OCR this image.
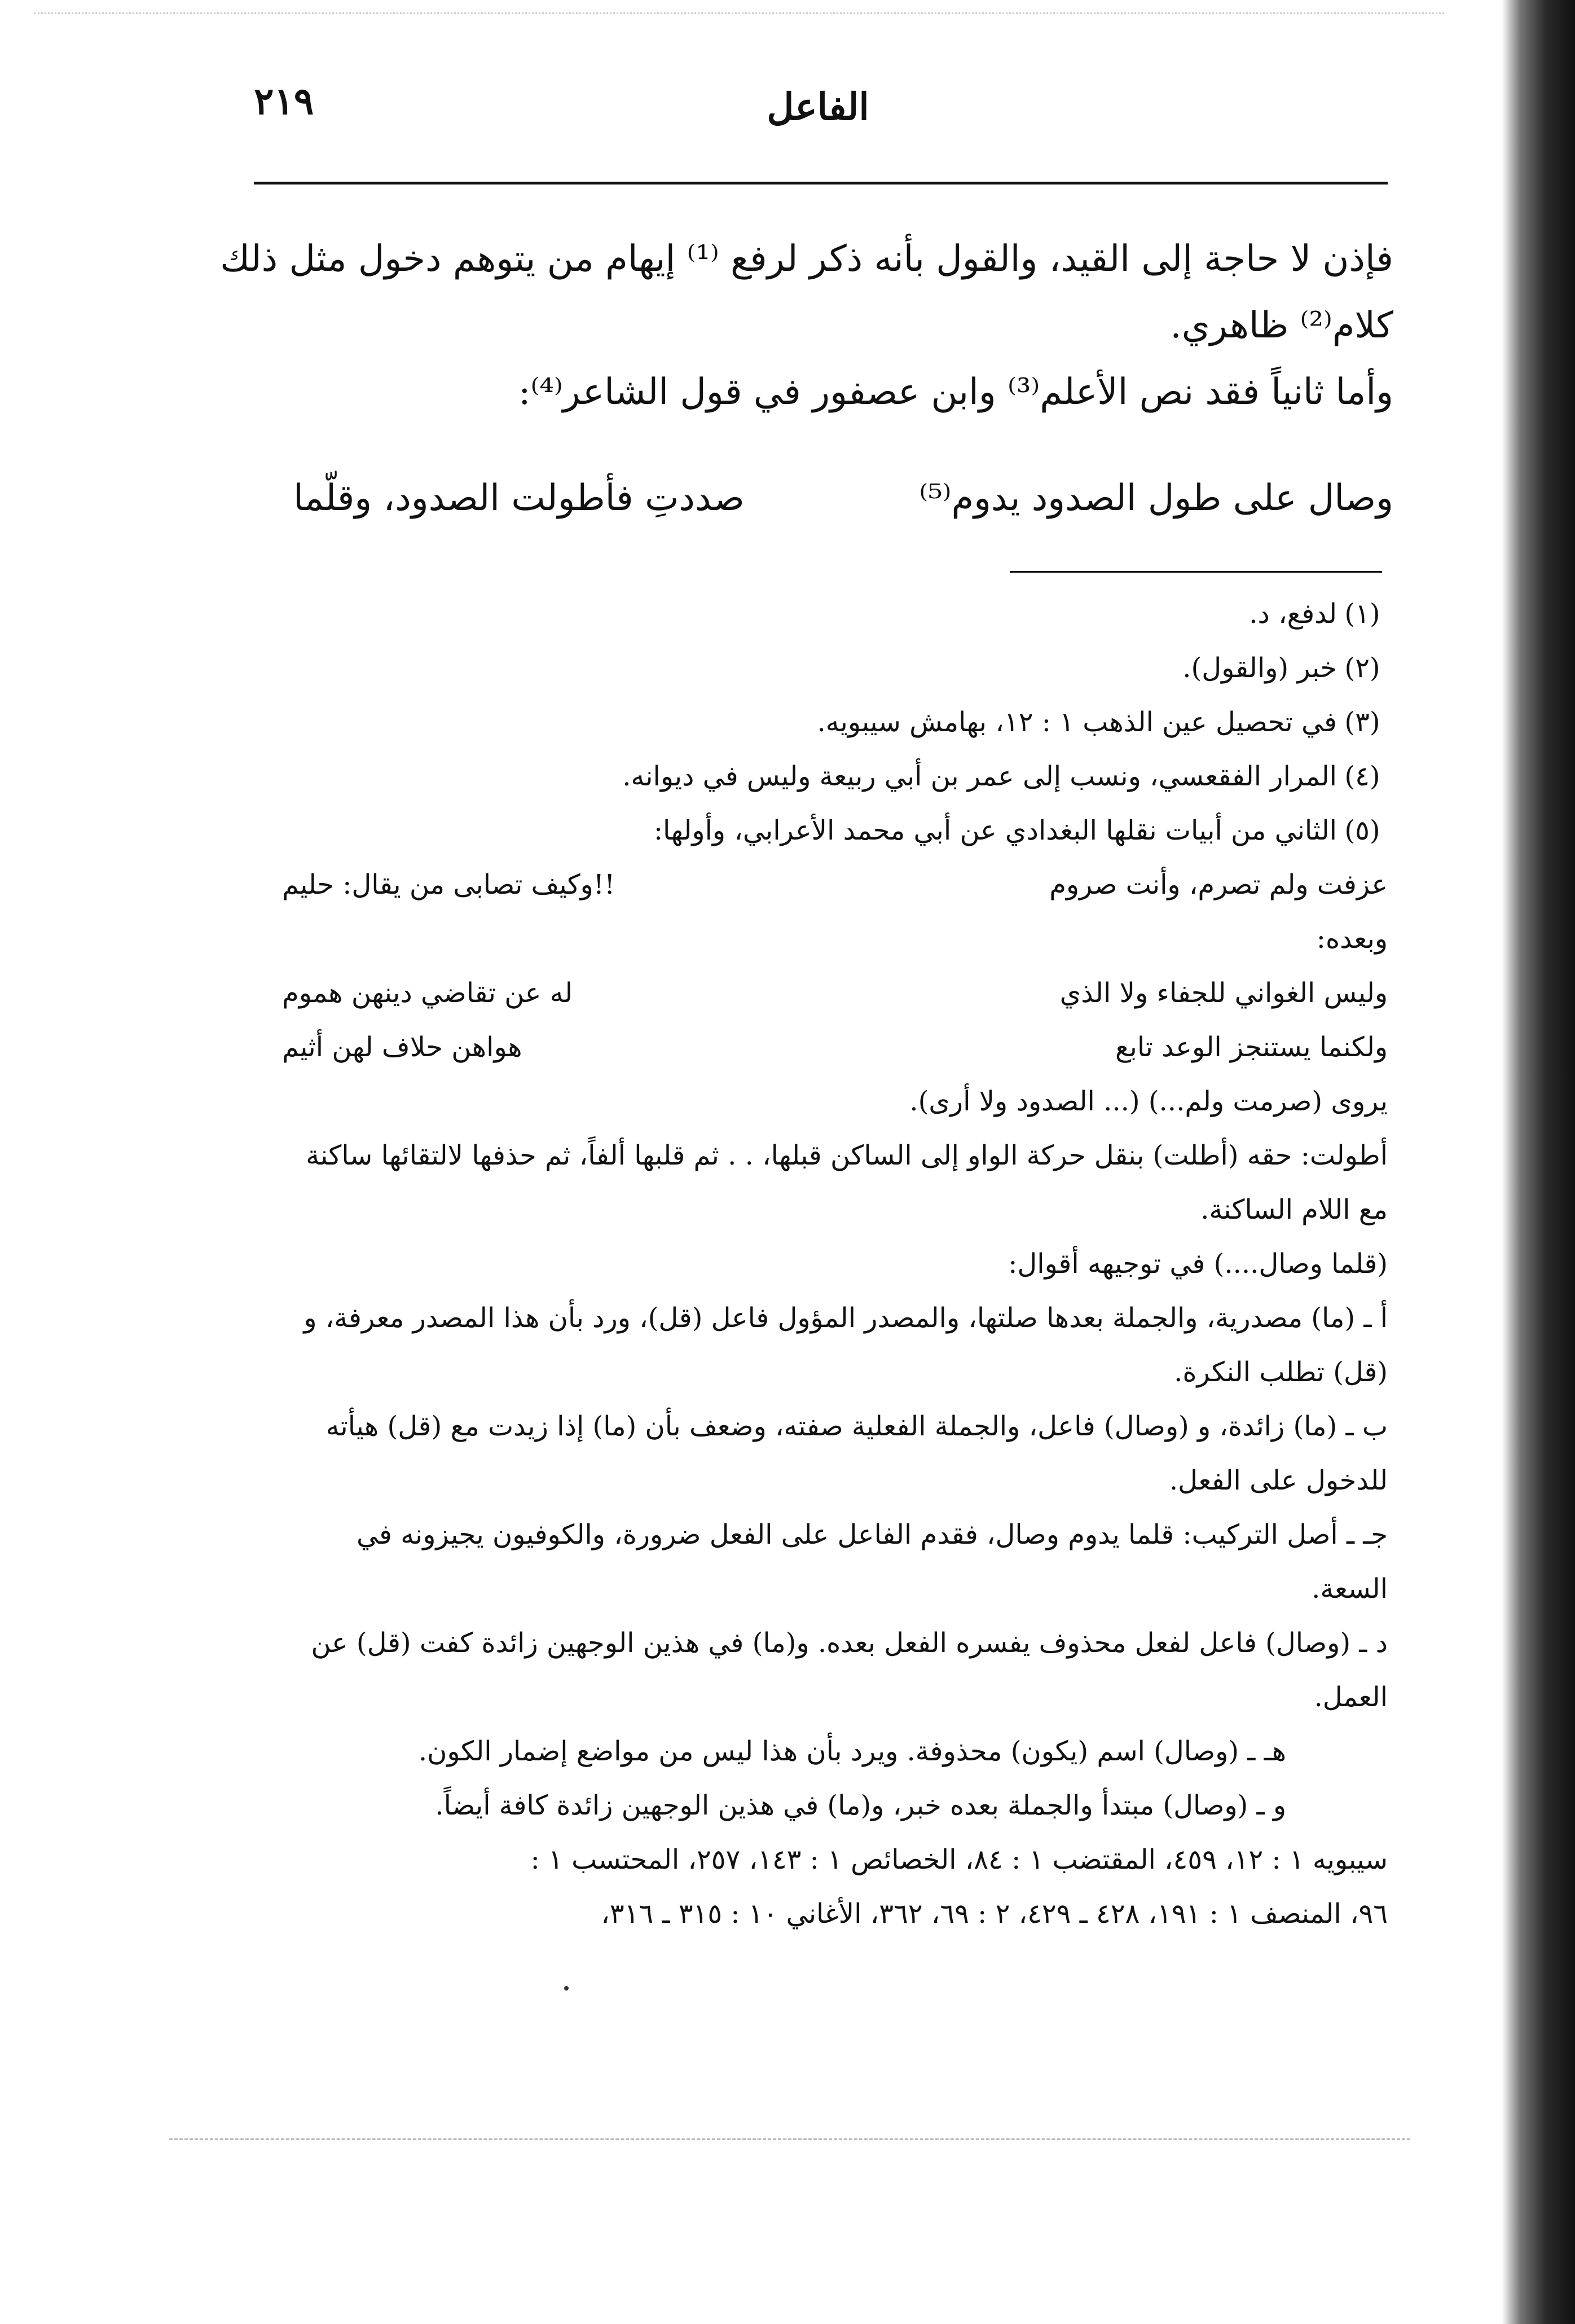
٢١٩	الفاعل
فإذن لا حاجة إلى القيد، والقول بأنه ذكر لرفع ⁽¹⁾ إيهام من يتوهم دخول مثل ذلك
كلام⁽²⁾ ظاهري.
وأما ثانياً فقد نص الأعلم⁽³⁾ وابن عصفور في قول الشاعر⁽⁴⁾:
صددتِ فأطولت الصدود، وقلّما	وصال على طول الصدود يدوم⁽⁵⁾
(١)
لدفع، د.
(٢)
خبر (والقول).
(٣)
في تحصيل عين الذهب ١ : ١٢، بهامش سيبويه.
(٤)
المرار الفقعسي، ونسب إلى عمر بن أبي ربيعة وليس في ديوانه.
(٥)
الثاني من أبيات نقلها البغدادي عن أبي محمد الأعرابي، وأولها:
عزفت ولم تصرم، وأنت صروم
وكيف تصابى من يقال: حليم!!
وبعده:
وليس الغواني للجفاء ولا الذي
له عن تقاضي دينهن هموم
ولكنما يستنجز الوعد تابع
هواهن حلاف لهن أثيم
يروى (صرمت ولم...) (... الصدود ولا أرى).
أطولت: حقه (أطلت) بنقل حركة الواو إلى الساكن قبلها، . . ثم قلبها ألفاً، ثم حذفها لالتقائها ساكنة مع اللام الساكنة.
(قلما وصال....) في توجيهه أقوال:
أ ـ (ما) مصدرية، والجملة بعدها صلتها، والمصدر المؤول فاعل (قل)، ورد بأن هذا المصدر معرفة، و (قل) تطلب النكرة.
ب ـ (ما) زائدة، و (وصال) فاعل، والجملة الفعلية صفته، وضعف بأن (ما) إذا زيدت مع (قل) هيأته للدخول على الفعل.
جـ ـ أصل التركيب: قلما يدوم وصال، فقدم الفاعل على الفعل ضرورة، والكوفيون يجيزونه في السعة.
د ـ (وصال) فاعل لفعل محذوف يفسره الفعل بعده. و(ما) في هذين الوجهين زائدة كفت (قل) عن العمل.
هـ ـ (وصال) اسم (يكون) محذوفة. ويرد بأن هذا ليس من مواضع إضمار الكون.
و ـ (وصال) مبتدأ والجملة بعده خبر، و(ما) في هذين الوجهين زائدة كافة أيضاً.
سيبويه ١ : ١٢، ٤٥٩، المقتضب ١ : ٨٤، الخصائص ١ : ١٤٣، ٢٥٧، المحتسب ١ :
٩٦، المنصف ١ : ١٩١، ٤٢٨ ـ ٤٢٩، ٢ : ٦٩، ٣٦٢، الأغاني ١٠ : ٣١٥ ـ ٣١٦،
